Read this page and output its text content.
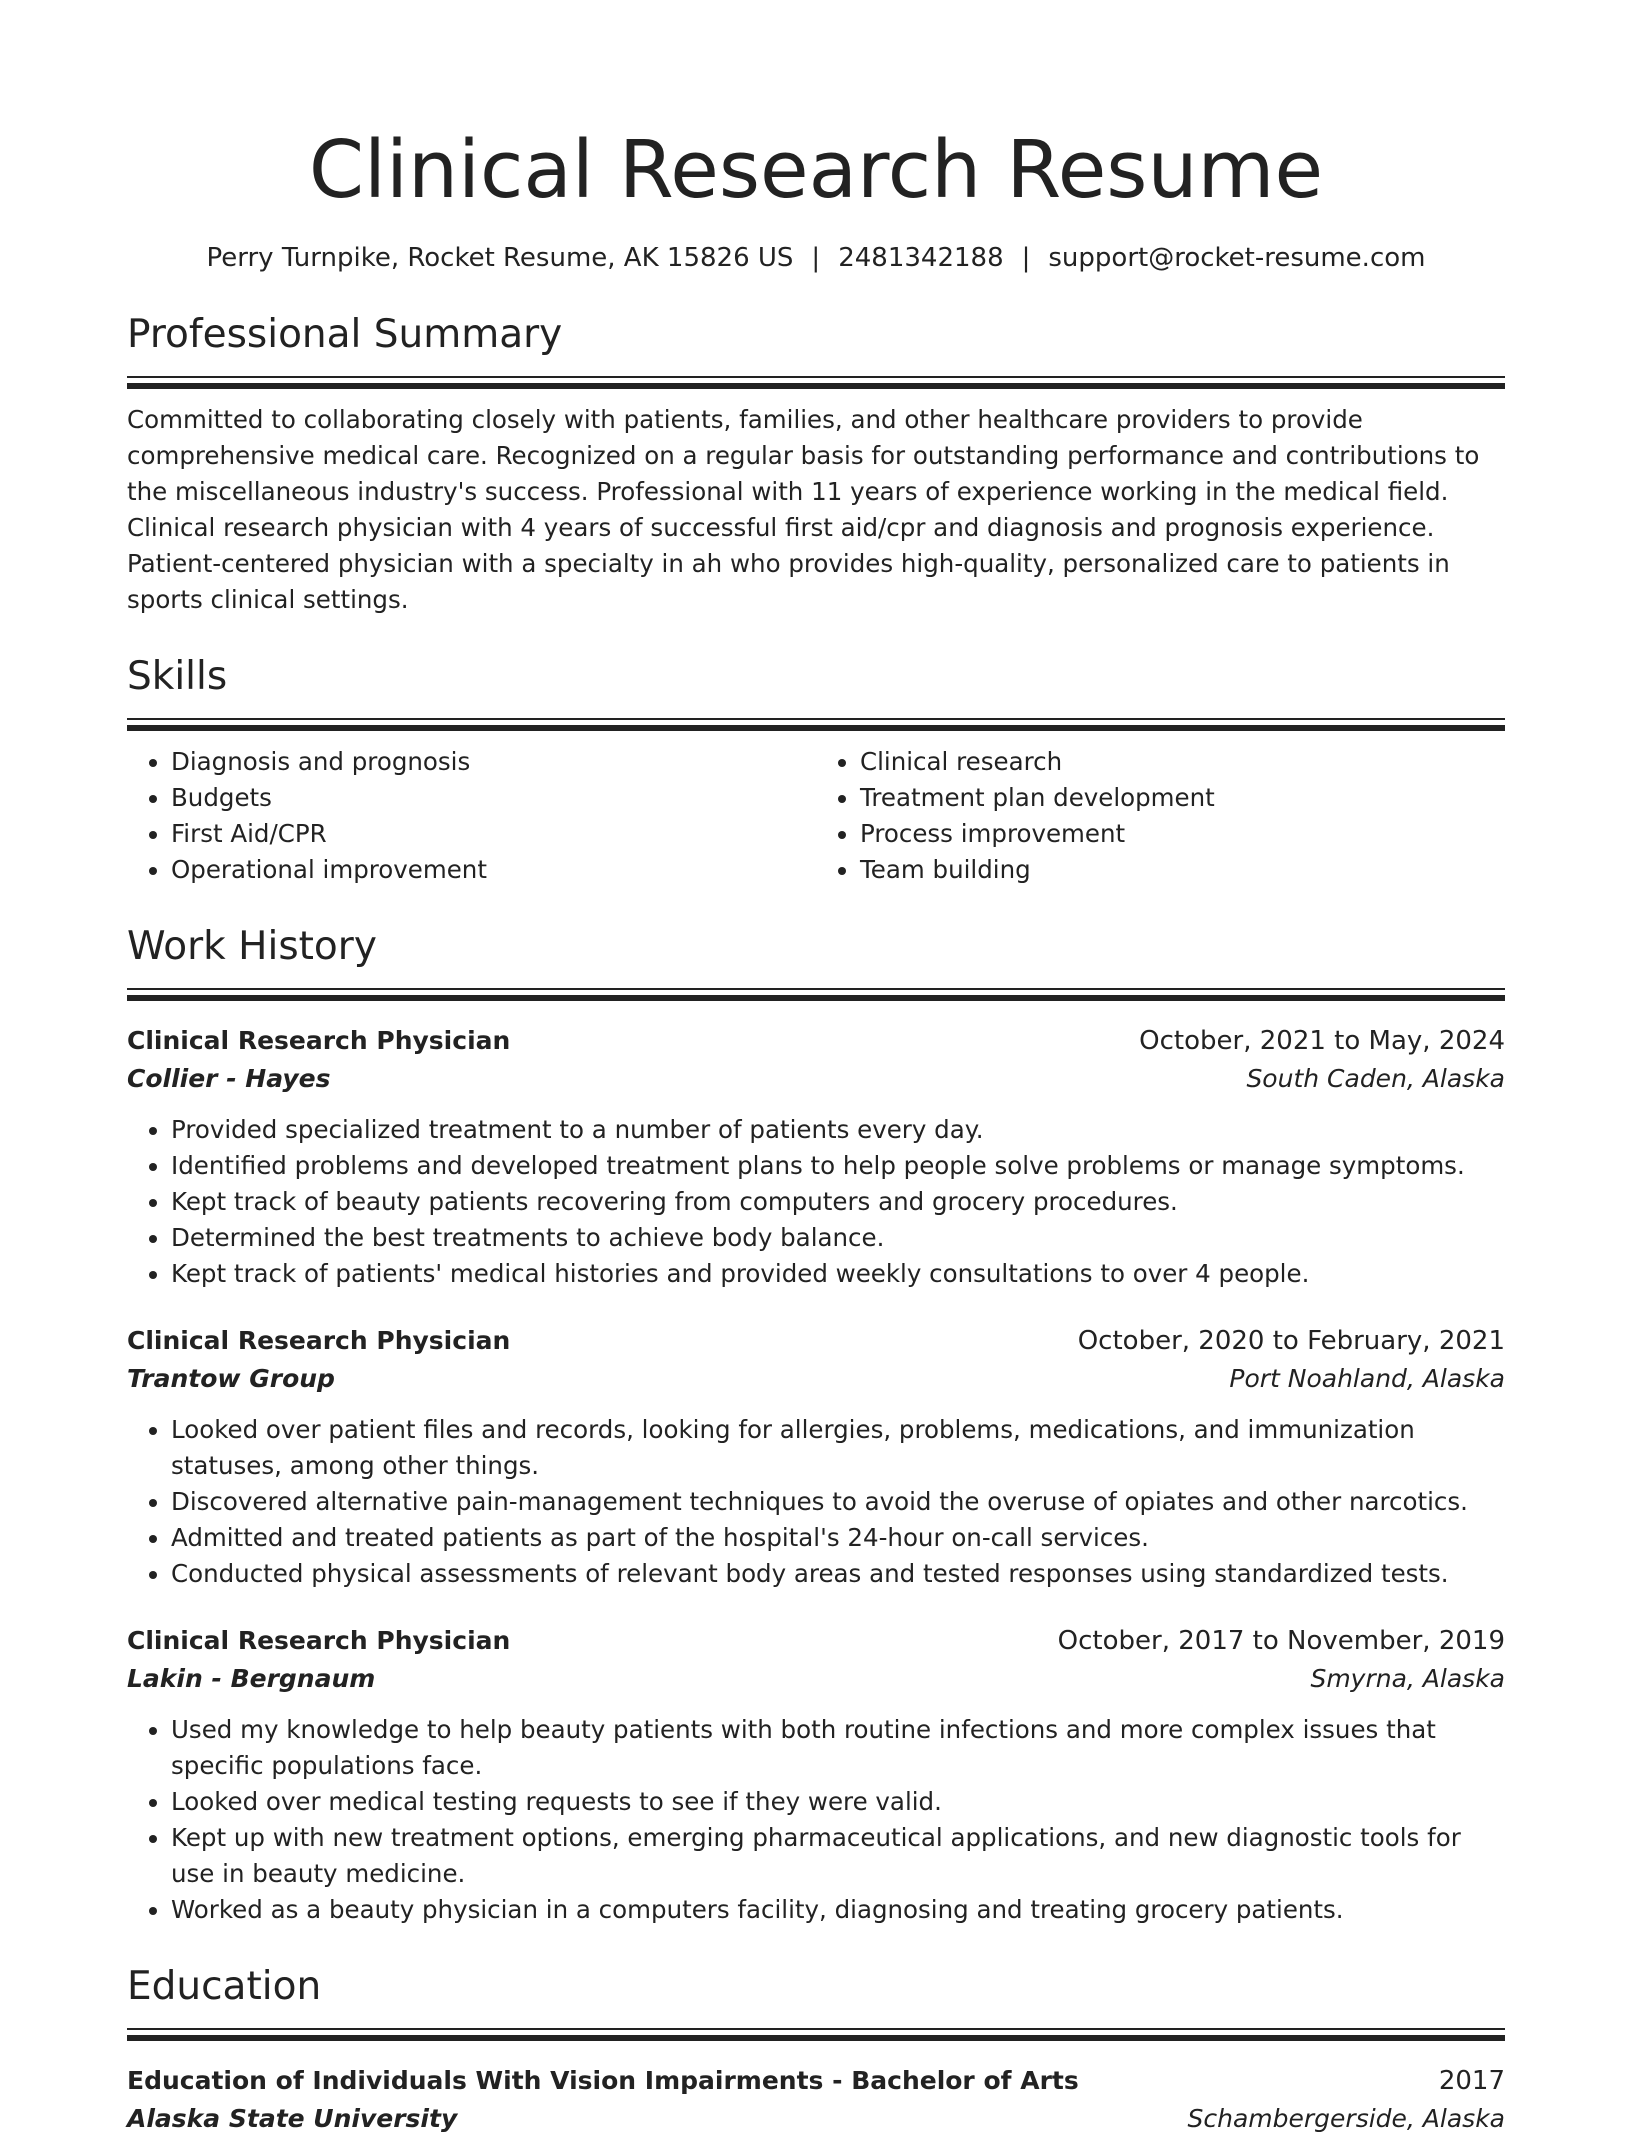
Clinical Research Resume
Perry Turnpike, Rocket Resume, AK 15826 US | 2481342188 | support@rocket-resume.com
Professional Summary
Committed to collaborating closely with patients, families, and other healthcare providers to provide comprehensive medical care. Recognized on a regular basis for outstanding performance and contributions to the miscellaneous industry's success. Professional with 11 years of experience working in the medical field. Clinical research physician with 4 years of successful first aid/cpr and diagnosis and prognosis experience. Patient-centered physician with a specialty in ah who provides high-quality, personalized care to patients in sports clinical settings.
Skills
• Diagnosis and prognosis
• Budgets
• First Aid/CPR
• Operational improvement
• Clinical research
• Treatment plan development
• Process improvement
• Team building
Work History
Clinical Research Physician	October, 2021 to May, 2024
Collier - Hayes	South Caden, Alaska
• Provided specialized treatment to a number of patients every day.
• Identified problems and developed treatment plans to help people solve problems or manage symptoms.
• Kept track of beauty patients recovering from computers and grocery procedures.
• Determined the best treatments to achieve body balance.
• Kept track of patients' medical histories and provided weekly consultations to over 4 people.
Clinical Research Physician	October, 2020 to February, 2021
Trantow Group	Port Noahland, Alaska
• Looked over patient files and records, looking for allergies, problems, medications, and immunization statuses, among other things.
• Discovered alternative pain-management techniques to avoid the overuse of opiates and other narcotics.
• Admitted and treated patients as part of the hospital's 24-hour on-call services.
• Conducted physical assessments of relevant body areas and tested responses using standardized tests.
Clinical Research Physician	October, 2017 to November, 2019
Lakin - Bergnaum	Smyrna, Alaska
• Used my knowledge to help beauty patients with both routine infections and more complex issues that specific populations face.
• Looked over medical testing requests to see if they were valid.
• Kept up with new treatment options, emerging pharmaceutical applications, and new diagnostic tools for use in beauty medicine.
• Worked as a beauty physician in a computers facility, diagnosing and treating grocery patients.
Education
Education of Individuals With Vision Impairments - Bachelor of Arts	2017
Alaska State University	Schambergerside, Alaska
